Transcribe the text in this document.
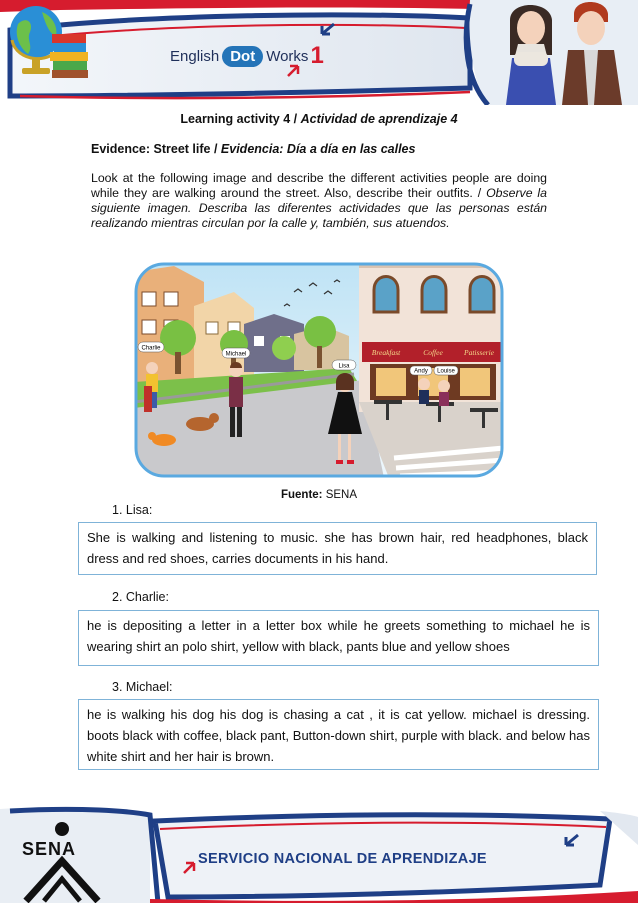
English Dot Works 1
Learning activity 4 / Actividad de aprendizaje 4
Evidence: Street life / Evidencia: Día a día en las calles
Look at the following image and describe the different activities people are doing while they are walking around the street. Also, describe their outfits. / Observe la siguiente imagen. Describa las diferentes actividades que las personas están realizando mientras circulan por la calle y, también, sus atuendos.
Charlie
Michael
Lisa
Andy Louise
Breakfast	Coffee	Patisserie
Fuente: SENA
1. Lisa:
She is walking and listening to music. she has brown hair, red headphones, black dress and red shoes, carries documents in his hand.
2. Charlie:
he is depositing a letter in a letter box while he greets something to michael he is wearing shirt an polo shirt, yellow with black, pants blue and yellow shoes
3. Michael:
he is walking his dog his dog is chasing a cat , it is cat yellow. michael is dressing. boots black with coffee, black pant, Button-down shirt, purple with black. and below has white shirt and her hair is brown.
SENA	SERVICIO NACIONAL DE APRENDIZAJE
